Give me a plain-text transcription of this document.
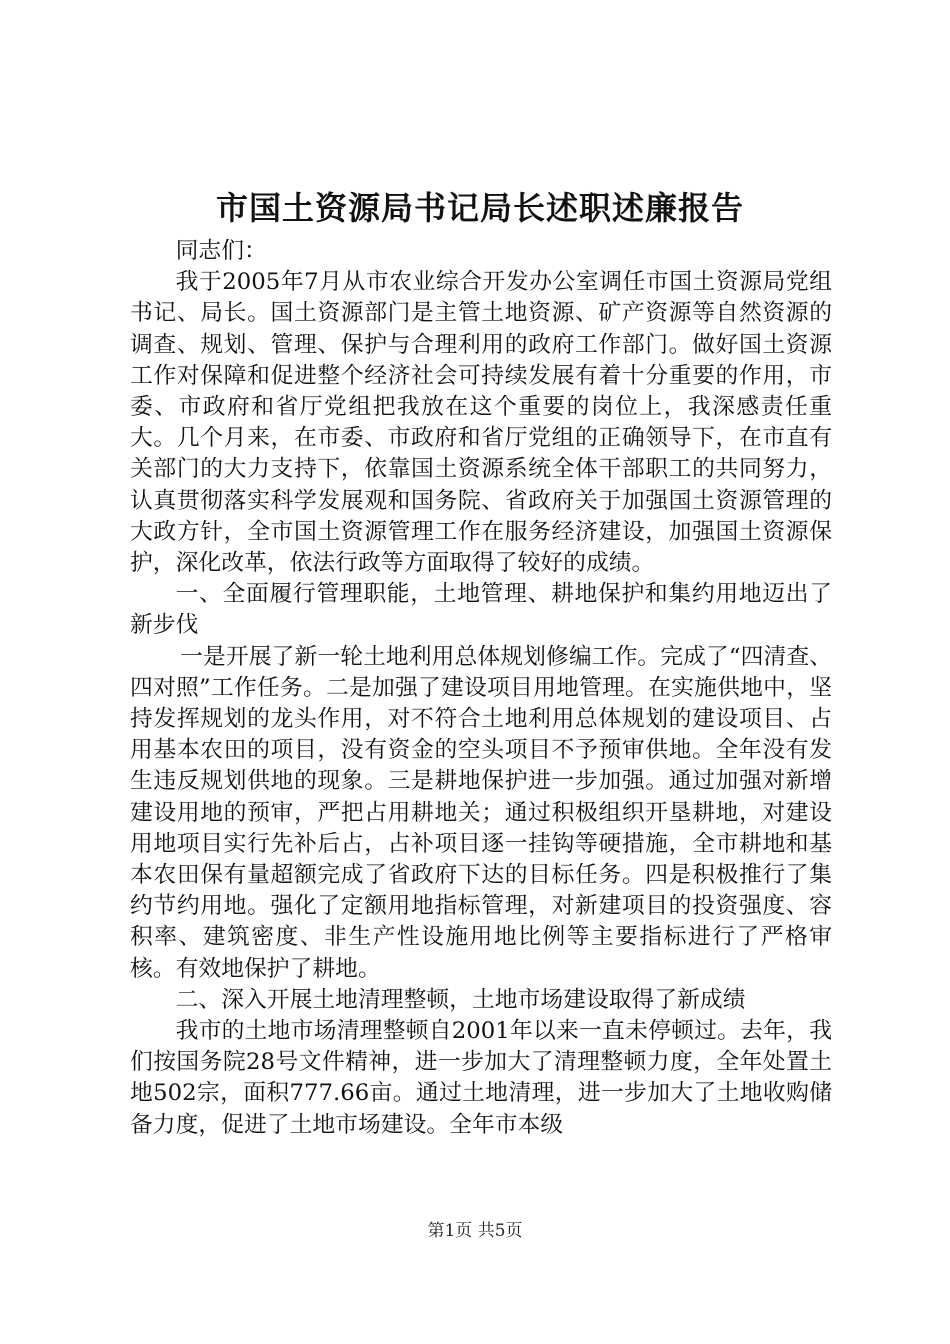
市国土资源局书记局长述职述廉报告

同志们：

我于2005年7月从市农业综合开发办公室调任市国土资源局党组书记、局长。国土资源部门是主管土地资源、矿产资源等自然资源的调查、规划、管理、保护与合理利用的政府工作部门。做好国土资源工作对保障和促进整个经济社会可持续发展有着十分重要的作用，市委、市政府和省厅党组把我放在这个重要的岗位上，我深感责任重大。几个月来，在市委、市政府和省厅党组的正确领导下，在市直有关部门的大力支持下，依靠国土资源系统全体干部职工的共同努力，认真贯彻落实科学发展观和国务院、省政府关于加强国土资源管理的大政方针，全市国土资源管理工作在服务经济建设，加强国土资源保护，深化改革，依法行政等方面取得了较好的成绩。

一、全面履行管理职能，土地管理、耕地保护和集约用地迈出了新步伐

一是开展了新一轮土地利用总体规划修编工作。完成了“四清查、四对照”工作任务。二是加强了建设项目用地管理。在实施供地中，坚持发挥规划的龙头作用，对不符合土地利用总体规划的建设项目、占用基本农田的项目，没有资金的空头项目不予预审供地。全年没有发生违反规划供地的现象。三是耕地保护进一步加强。通过加强对新增建设用地的预审，严把占用耕地关；通过积极组织开垦耕地，对建设用地项目实行先补后占，占补项目逐一挂钩等硬措施，全市耕地和基本农田保有量超额完成了省政府下达的目标任务。四是积极推行了集约节约用地。强化了定额用地指标管理，对新建项目的投资强度、容积率、建筑密度、非生产性设施用地比例等主要指标进行了严格审核。有效地保护了耕地。

二、深入开展土地清理整顿，土地市场建设取得了新成绩

我市的土地市场清理整顿自2001年以来一直未停顿过。去年，我们按国务院28号文件精神，进一步加大了清理整顿力度，全年处置土地502宗，面积777.66亩。通过土地清理，进一步加大了土地收购储备力度，促进了土地市场建设。全年市本级

第1页 共5页
